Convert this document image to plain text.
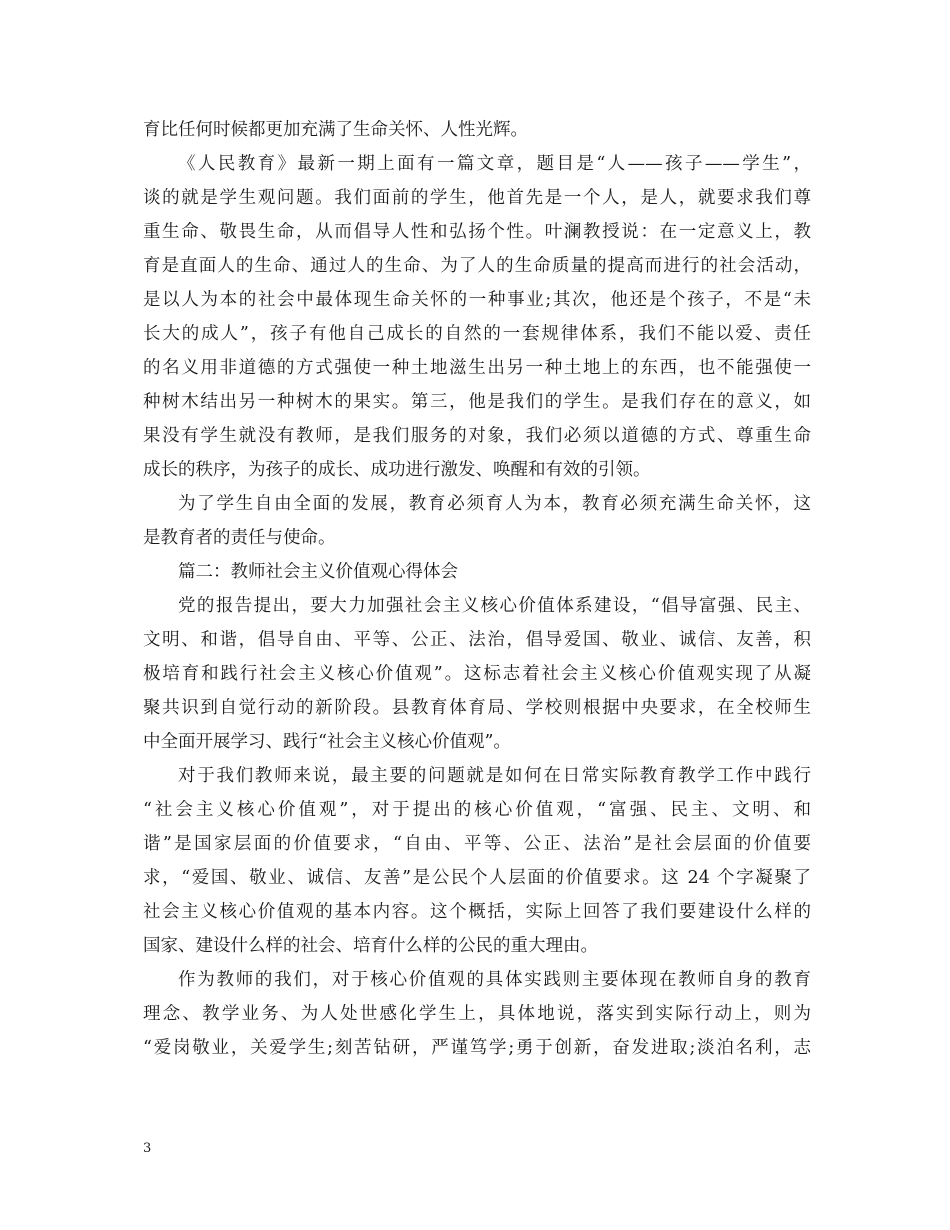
育比任何时候都更加充满了生命关怀、人性光辉。
《人民教育》最新一期上面有一篇文章，题目是“人——孩子——学生”，
谈的就是学生观问题。我们面前的学生，他首先是一个人，是人，就要求我们尊
重生命、敬畏生命，从而倡导人性和弘扬个性。叶澜教授说：在一定意义上，教
育是直面人的生命、通过人的生命、为了人的生命质量的提高而进行的社会活动，
是以人为本的社会中最体现生命关怀的一种事业;其次，他还是个孩子，不是“未
长大的成人”，孩子有他自己成长的自然的一套规律体系，我们不能以爱、责任
的名义用非道德的方式强使一种土地滋生出另一种土地上的东西，也不能强使一
种树木结出另一种树木的果实。第三，他是我们的学生。是我们存在的意义，如
果没有学生就没有教师，是我们服务的对象，我们必须以道德的方式、尊重生命
成长的秩序，为孩子的成长、成功进行激发、唤醒和有效的引领。
为了学生自由全面的发展，教育必须育人为本，教育必须充满生命关怀，这
是教育者的责任与使命。
篇二：教师社会主义价值观心得体会
党的报告提出，要大力加强社会主义核心价值体系建设，“倡导富强、民主、
文明、和谐，倡导自由、平等、公正、法治，倡导爱国、敬业、诚信、友善，积
极培育和践行社会主义核心价值观”。这标志着社会主义核心价值观实现了从凝
聚共识到自觉行动的新阶段。县教育体育局、学校则根据中央要求，在全校师生
中全面开展学习、践行“社会主义核心价值观”。
对于我们教师来说，最主要的问题就是如何在日常实际教育教学工作中践行
“社会主义核心价值观”，对于提出的核心价值观，“富强、民主、文明、和
谐”是国家层面的价值要求，“自由、平等、公正、法治”是社会层面的价值要
求，“爱国、敬业、诚信、友善”是公民个人层面的价值要求。这 24 个字凝聚了
社会主义核心价值观的基本内容。这个概括，实际上回答了我们要建设什么样的
国家、建设什么样的社会、培育什么样的公民的重大理由。
作为教师的我们，对于核心价值观的具体实践则主要体现在教师自身的教育
理念、教学业务、为人处世感化学生上，具体地说，落实到实际行动上，则为
“爱岗敬业，关爱学生;刻苦钻研，严谨笃学;勇于创新，奋发进取;淡泊名利，志
3
